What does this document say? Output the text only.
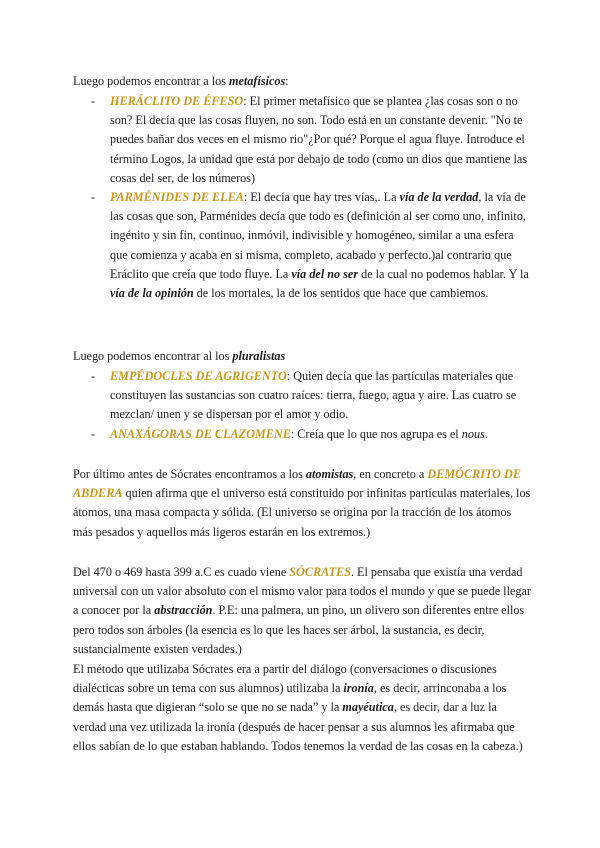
Luego podemos encontrar a los metafísicos:

- HERÁCLITO DE ÉFESO: El primer metafísico que se plantea ¿las cosas son o no son? El decía que las cosas fluyen, no son. Todo está en un constante devenir. "No te puedes bañar dos veces en el mismo rio"¿Por qué? Porque el agua fluye. Introduce el término Logos, la unidad que está por debajo de todo (como un dios que mantiene las cosas del ser, de los números)
- PARMÉNIDES DE ELEA: El decía que hay tres vías,. La vía de la verdad, la vía de las cosas que son, Parménides decía que todo es (definición al ser como uno, infinito, ingénito y sin fin, continuo, inmóvil, indivisible y homogéneo, similar a una esfera que comienza y acaba en si misma, completo, acabado y perfecto.)al contrario que Eráclito que creía que todo fluye. La vía del no ser de la cual no podemos hablar. Y la vía de la opinión de los mortales, la de los sentidos que hace que cambiemos.

Luego podemos encontrar al los pluralistas

- EMPÉDOCLES DE AGRIGENTO: Quien decía que las partículas materiales que constituyen las sustancias son cuatro raíces: tierra, fuego, agua y aire. Las cuatro se mezclan/ unen y se dispersan por el amor y odio.
- ANAXÁGORAS DE CLAZOMENE: Creía que lo que nos agrupa es el nous.

Por último antes de Sócrates encontramos a los atomistas, en concreto a DEMÓCRITO DE ABDERA quien afirma que el universo está constituido por infinitas partículas materiales, los átomos, una masa compacta y sólida. (El universo se origina por la tracción de los átomos más pesados y aquellos más ligeros estarán en los extremos.)

Del 470 o 469 hasta 399 a.C es cuado viene SÓCRATES. El pensaba que existía una verdad universal con un valor absoluto con el mismo valor para todos el mundo y que se puede llegar a conocer por la abstracción. P.E: una palmera, un pino, un olivero son diferentes entre ellos pero todos son árboles (la esencia es lo que les haces ser árbol, la sustancia, es decir, sustancialmente existen verdades.)

El método que utilizaba Sócrates era a partir del diálogo (conversaciones o discusiones dialécticas sobre un tema con sus alumnos) utilizaba la ironía, es decir, arrinconaba a los demás hasta que digieran “solo se que no se nada” y la mayéutica, es decir, dar a luz la verdad una vez utilizada la ironía (después de hacer pensar a sus alumnos les afirmaba que ellos sabían de lo que estaban hablando. Todos tenemos la verdad de las cosas en la cabeza.)
